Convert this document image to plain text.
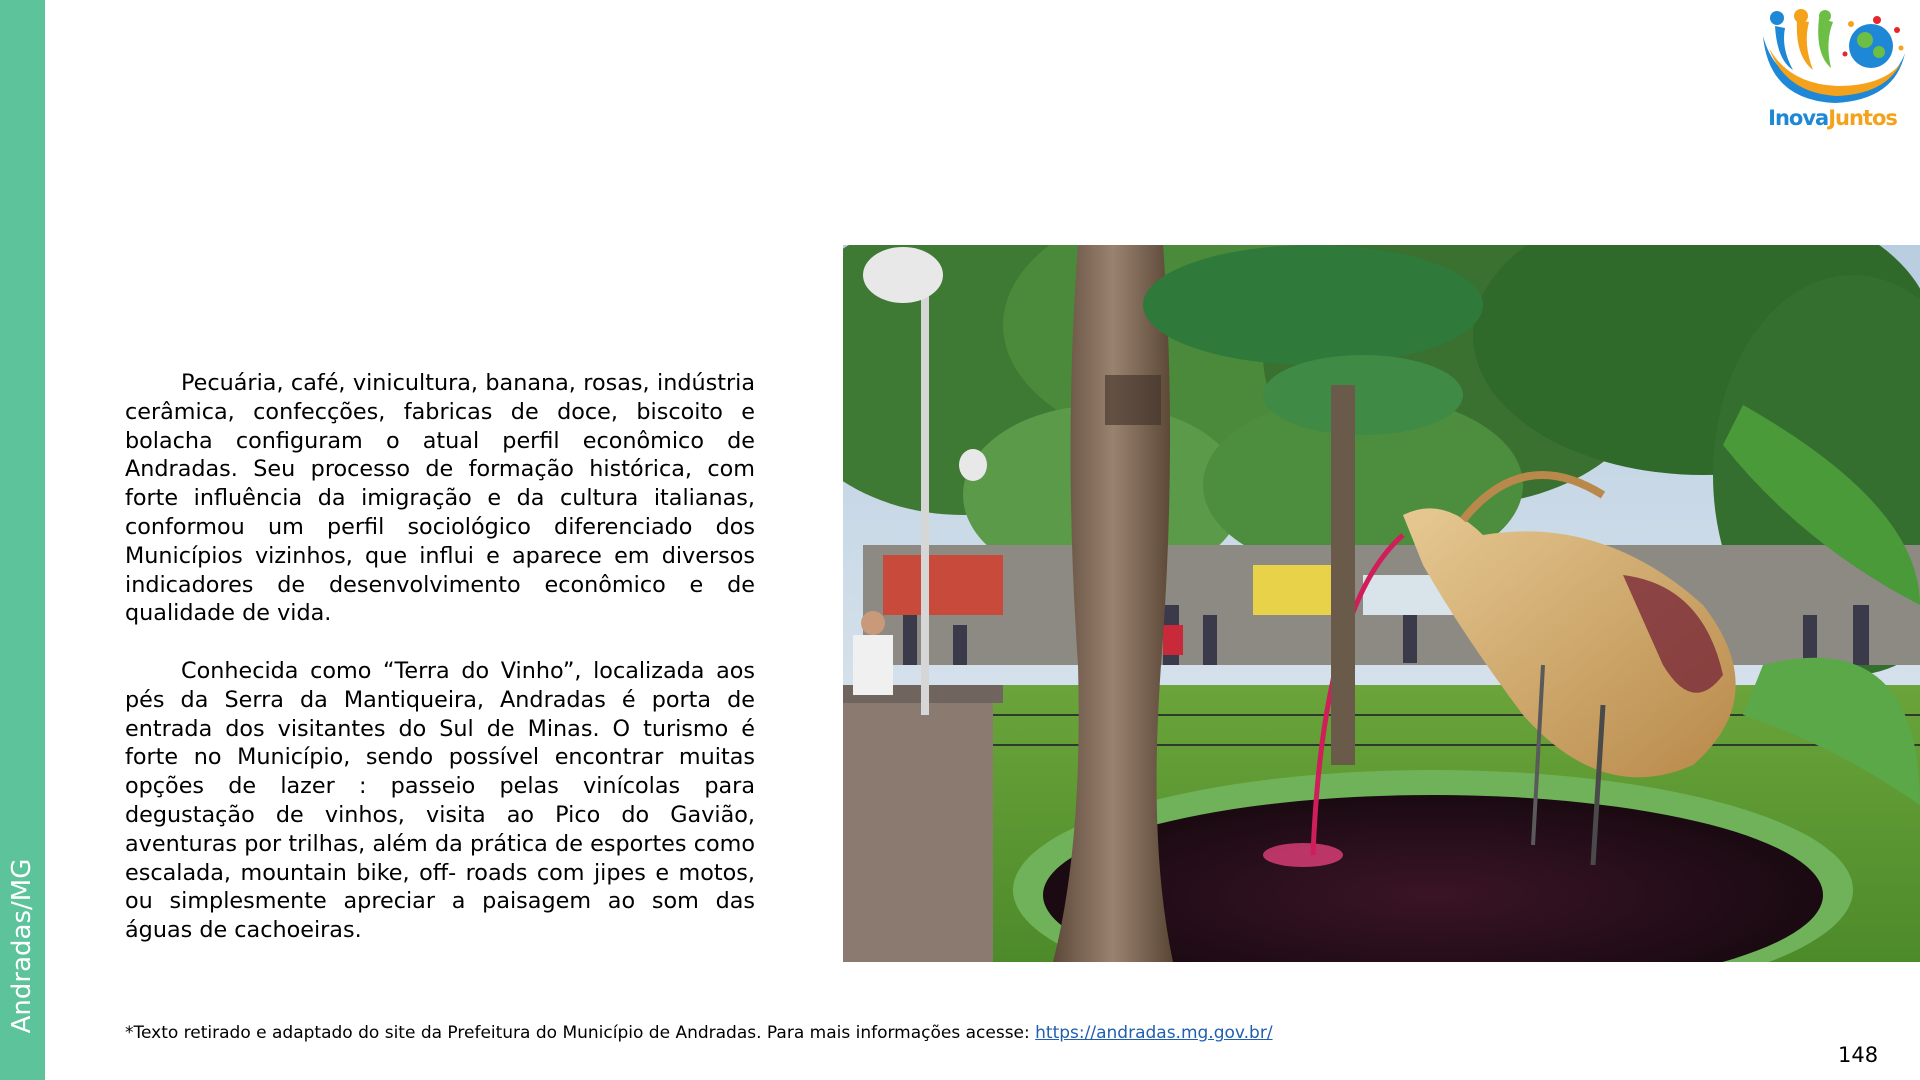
Andradas/MG
InovaJuntos

Pecuária, café, vinicultura, banana, rosas, indústria cerâmica, confecções, fabricas de doce, biscoito e bolacha configuram o atual perfil econômico de Andradas. Seu processo de formação histórica, com forte influência da imigração e da cultura italianas, conformou um perfil sociológico diferenciado dos Municípios vizinhos, que influi e aparece em diversos indicadores de desenvolvimento econômico e de qualidade de vida.

Conhecida como “Terra do Vinho”, localizada aos pés da Serra da Mantiqueira, Andradas é porta de entrada dos visitantes do Sul de Minas. O turismo é forte no Município, sendo possível encontrar muitas opções de lazer : passeio pelas vinícolas para degustação de vinhos, visita ao Pico do Gavião, aventuras por trilhas, além da prática de esportes como escalada, mountain bike, off- roads com jipes e motos, ou simplesmente apreciar a paisagem ao som das águas de cachoeiras.

*Texto retirado e adaptado do site da Prefeitura do Município de Andradas. Para mais informações acesse: https://andradas.mg.gov.br/
148
